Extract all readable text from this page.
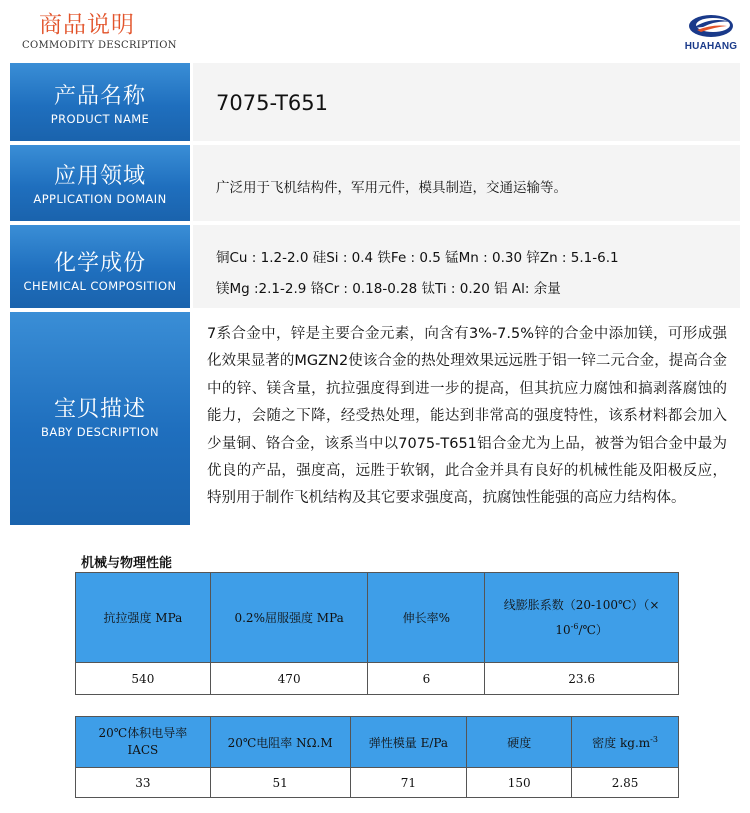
商品说明
COMMODITY DESCRIPTION	HUAHANG
产品名称
PRODUCT NAME
7075-T651
应用领域
APPLICATION DOMAIN
广泛用于飞机结构件，军用元件，模具制造，交通运输等。
化学成份
CHEMICAL COMPOSITION
铜Cu : 1.2-2.0 硅Si : 0.4 铁Fe : 0.5 锰Mn : 0.30 锌Zn : 5.1-6.1
镁Mg :2.1-2.9 铬Cr : 0.18-0.28 钛Ti : 0.20 铝 Al: 余量
宝贝描述
BABY DESCRIPTION
7系合金中，锌是主要合金元素，向含有3%-7.5%锌的合金中添加镁，可形成强化效果显著的MGZN2使该合金的热处理效果远远胜于铝一锌二元合金，提高合金中的锌、镁含量，抗拉强度得到进一步的提高，但其抗应力腐蚀和搞剥落腐蚀的能力，会随之下降，经受热处理，能达到非常高的强度特性，该系材料都会加入少量铜、铬合金，该系当中以7075-T651铝合金尤为上品，被誉为铝合金中最为优良的产品，强度高，远胜于软钢，此合金并具有良好的机械性能及阳极反应，特别用于制作飞机结构及其它要求强度高，抗腐蚀性能强的高应力结构体。
机械与物理性能
抗拉强度 MPa	0.2%屈服强度 MPa	伸长率%	线膨胀系数（20-100℃）（×
$10^{-6}/℃$）
540	470	6	23.6
20℃体积电导率
IACS	20℃电阻率 NΩ.M	弹性模量 E/Pa	硬度	密度 $kg.m^{-3}$
33	51	71	150	2.85
